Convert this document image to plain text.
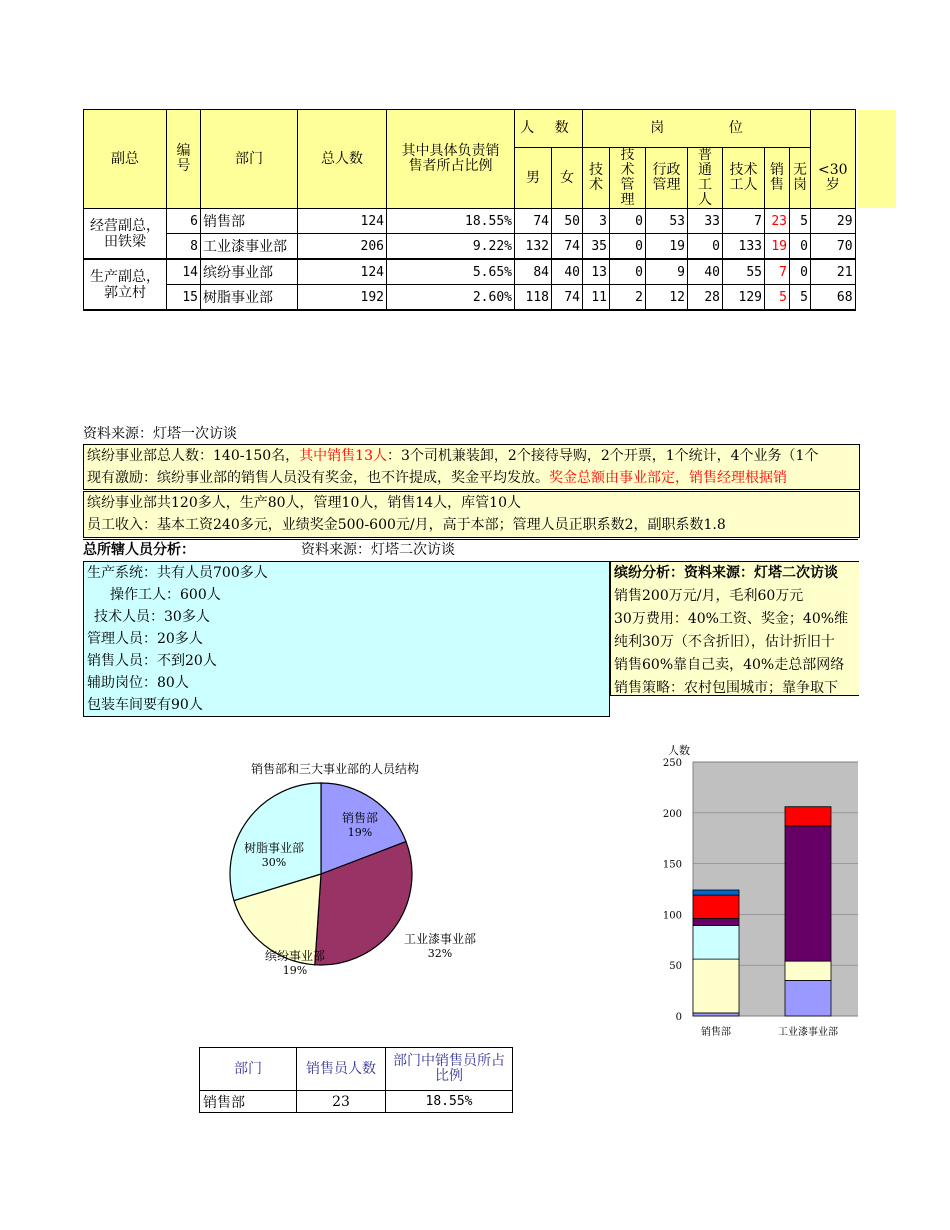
副总	编号	部门	总人数	其中具体负责销售者所占比例	人 数		岗 位							
					男	女	技术	技术管理	行政管理	普通工人	技术工人	销售	无岗	<30岁
经营副总，田铁梁	6	销售部	124	18.55%	74	50	3	0	53	33	7	23	5	29
	8	工业漆事业部	206	9.22%	132	74	35	0	19	0	133	19	0	70
生产副总，郭立村	14	缤纷事业部	124	5.65%	84	40	13	0	9	40	55	7	0	21
	15	树脂事业部	192	2.60%	118	74	11	2	12	28	129	5	5	68
资料来源：灯塔一次访谈
缤纷事业部总人数：140-150名，其中销售13人：3个司机兼装卸，2个接待导购，2个开票，1个统计，4个业务（1个
现有激励：缤纷事业部的销售人员没有奖金，也不许提成，奖金平均发放。奖金总额由事业部定，销售经理根据销
缤纷事业部共120多人，生产80人，管理10人，销售14人，库管10人
员工收入：基本工资240多元，业绩奖金500-600元/月，高于本部；管理人员正职系数2，副职系数1.8
总所辖人员分析：	资料来源：灯塔二次访谈
生产系统：共有人员700多人
操作工人：600人
技术人员：30多人
管理人员：20多人
销售人员：不到20人
辅助岗位：80人
包装车间要有90人
缤纷分析：资料来源：灯塔二次访谈
销售200万元/月，毛利60万元
30万费用：40%工资、奖金；40%维
纯利30万（不含折旧），估计折旧十
销售60%靠自己卖，40%走总部网络
销售策略：农村包围城市；靠争取下
销售部和三大事业部的人员结构
销售部
19%
工业漆事业部
32%
缤纷事业部
19%
树脂事业部
30%
人数
0
50
100
150
200
250
销售部	工业漆事业部
部门	销售员人数	部门中销售员所占比例
销售部	23	18.55%
